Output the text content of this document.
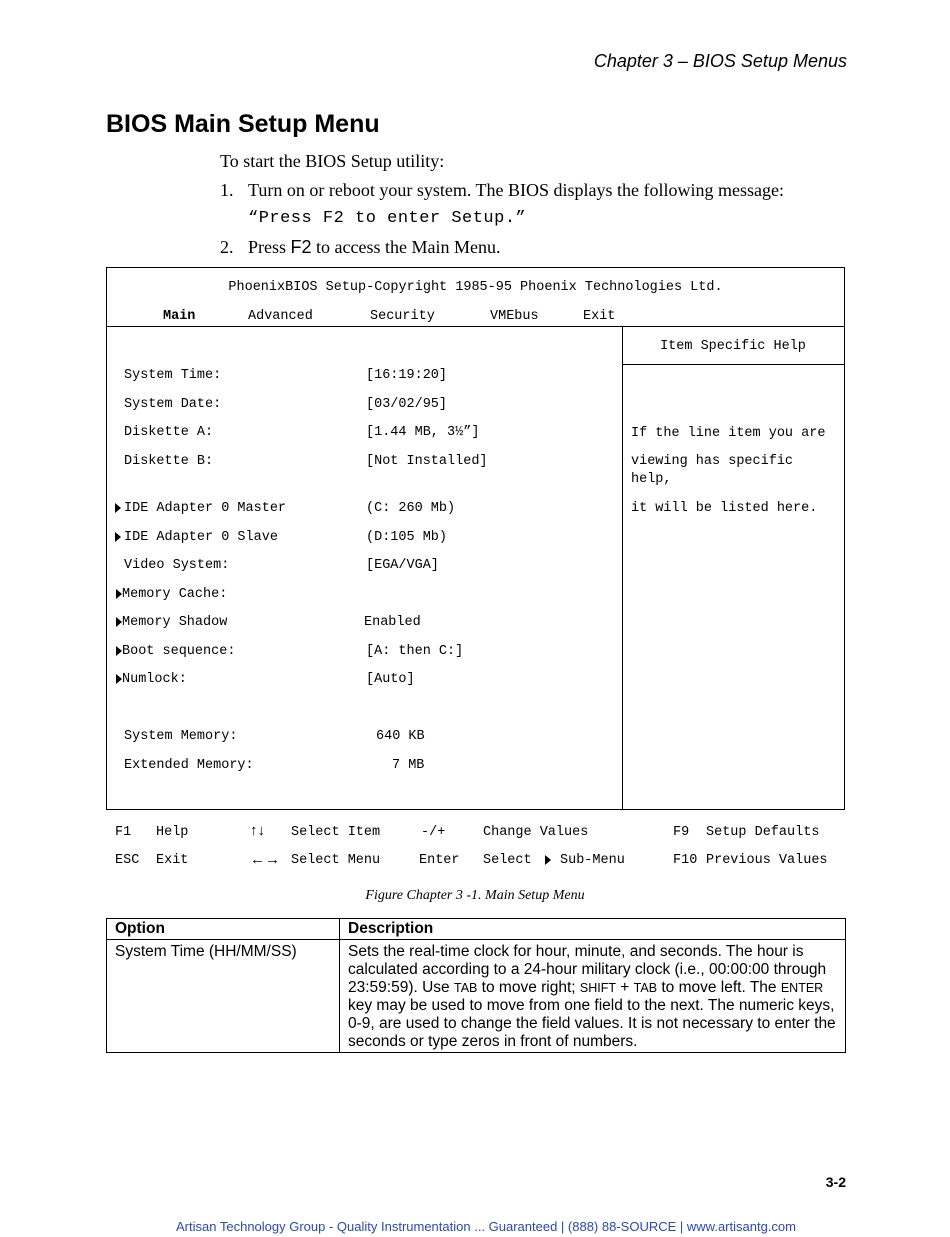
Chapter 3 – BIOS Setup Menus
BIOS Main Setup Menu
To start the BIOS Setup utility:
1. Turn on or reboot your system. The BIOS displays the following message:
“Press F2 to enter Setup.”
2. Press F2 to access the Main Menu.
PhoenixBIOS Setup-Copyright 1985-95 Phoenix Technologies Ltd.
Main	Advanced	Security	VMEbus	Exit
Item Specific Help
If the line item you are
viewing has specific help,
it will be listed here.
System Time:	[16:19:20]
System Date:	[03/02/95]
Diskette A:	[1.44 MB, 3½”]
Diskette B:	[Not Installed]
IDE Adapter 0 Master	(C: 260 Mb)
IDE Adapter 0 Slave	(D:105 Mb)
Video System:	[EGA/VGA]
Memory Cache:
Memory Shadow	Enabled
Boot sequence:	[A: then C:]
Numlock:	[Auto]
System Memory:	640 KB
Extended Memory:	7 MB
F1 Help	↑↓ Select Item	-/+	Change Values	F9 Setup Defaults
ESC Exit	←→ Select Menu	Enter Select Sub-Menu	F10 Previous Values
Figure Chapter 3 -1. Main Setup Menu
Option	Description
System Time (HH/MM/SS)	Sets the real-time clock for hour, minute, and seconds. The hour is calculated according to a 24-hour military clock (i.e., 00:00:00 through 23:59:59). Use TAB to move right; SHIFT + TAB to move left. The ENTER key may be used to move from one field to the next. The numeric keys, 0-9, are used to change the field values. It is not necessary to enter the seconds or type zeros in front of numbers.
3-2
Artisan Technology Group - Quality Instrumentation ... Guaranteed | (888) 88-SOURCE | www.artisantg.com
